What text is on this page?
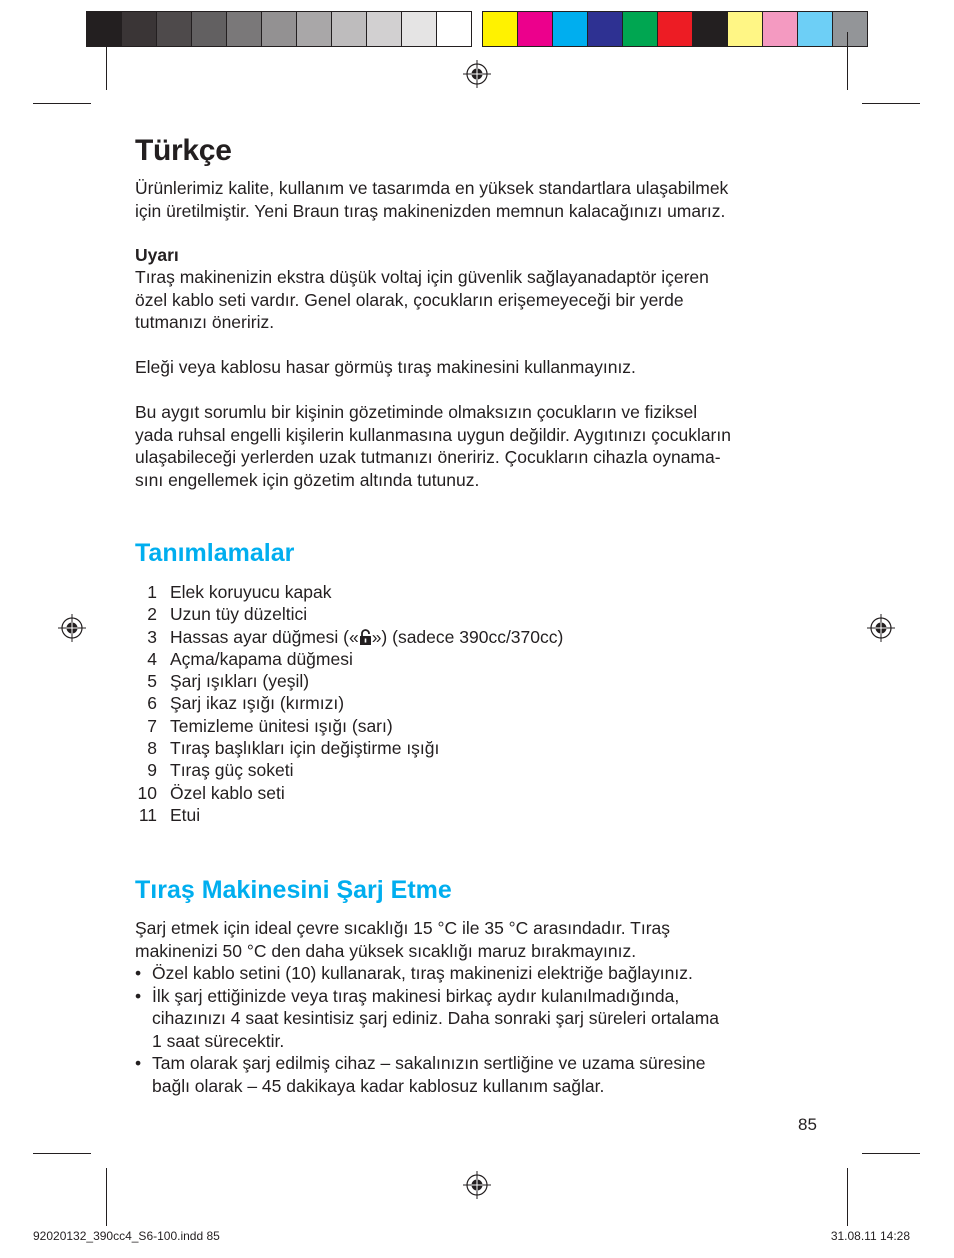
Türkçe

Ürünlerimiz kalite, kullanım ve tasarımda en yüksek standartlara ulaşabilmek
için üretilmiştir. Yeni Braun tıraş makinenizden memnun kalacağınızı umarız.

Uyarı

Tıraş makinenizin ekstra düşük voltaj için güvenlik sağlayanadaptör içeren
özel kablo seti vardır. Genel olarak, çocukların erişemeyeceği bir yerde
tutmanızı öneririz.

Eleği veya kablosu hasar görmüş tıraş makinesini kullanmayınız.

Bu aygıt sorumlu bir kişinin gözetiminde olmaksızın çocukların ve fiziksel
yada ruhsal engelli kişilerin kullanmasına uygun değildir. Aygıtınızı çocukların
ulaşabileceği yerlerden uzak tutmanızı öneririz. Çocukların cihazla oynama-
sını engellemek için gözetim altında tutunuz.

Tanımlamalar
1 Elek koruyucu kapak
2 Uzun tüy düzeltici
3 Hassas ayar düğmesi (« ») (sadece 390cc/370cc)
4 Açma/kapama düğmesi
5 Şarj ışıkları (yeşil)
6 Şarj ikaz ışığı (kırmızı)
7 Temizleme ünitesi ışığı (sarı)
8 Tıraş başlıkları için değiştirme ışığı
9 Tıraş güç soketi
10 Özel kablo seti
11 Etui
Tıraş Makinesini Şarj Etme

Şarj etmek için ideal çevre sıcaklığı 15 °C ile 35 °C arasındadır. Tıraş
makinenizi 50 °C den daha yüksek sıcaklığı maruz bırakmayınız.

• Özel kablo setini (10) kullanarak, tıraş makinenizi elektriğe bağlayınız.
• İlk şarj ettiğinizde veya tıraş makinesi birkaç aydır kulanılmadığında,
cihazınızı 4 saat kesintisiz şarj ediniz. Daha sonraki şarj süreleri ortalama
1 saat sürecektir.
• Tam olarak şarj edilmiş cihaz – sakalınızın sertliğine ve uzama süresine
bağlı olarak – 45 dakikaya kadar kablosuz kullanım sağlar.
85
92020132_390cc4_S6-100.indd 85	31.08.11 14:28
